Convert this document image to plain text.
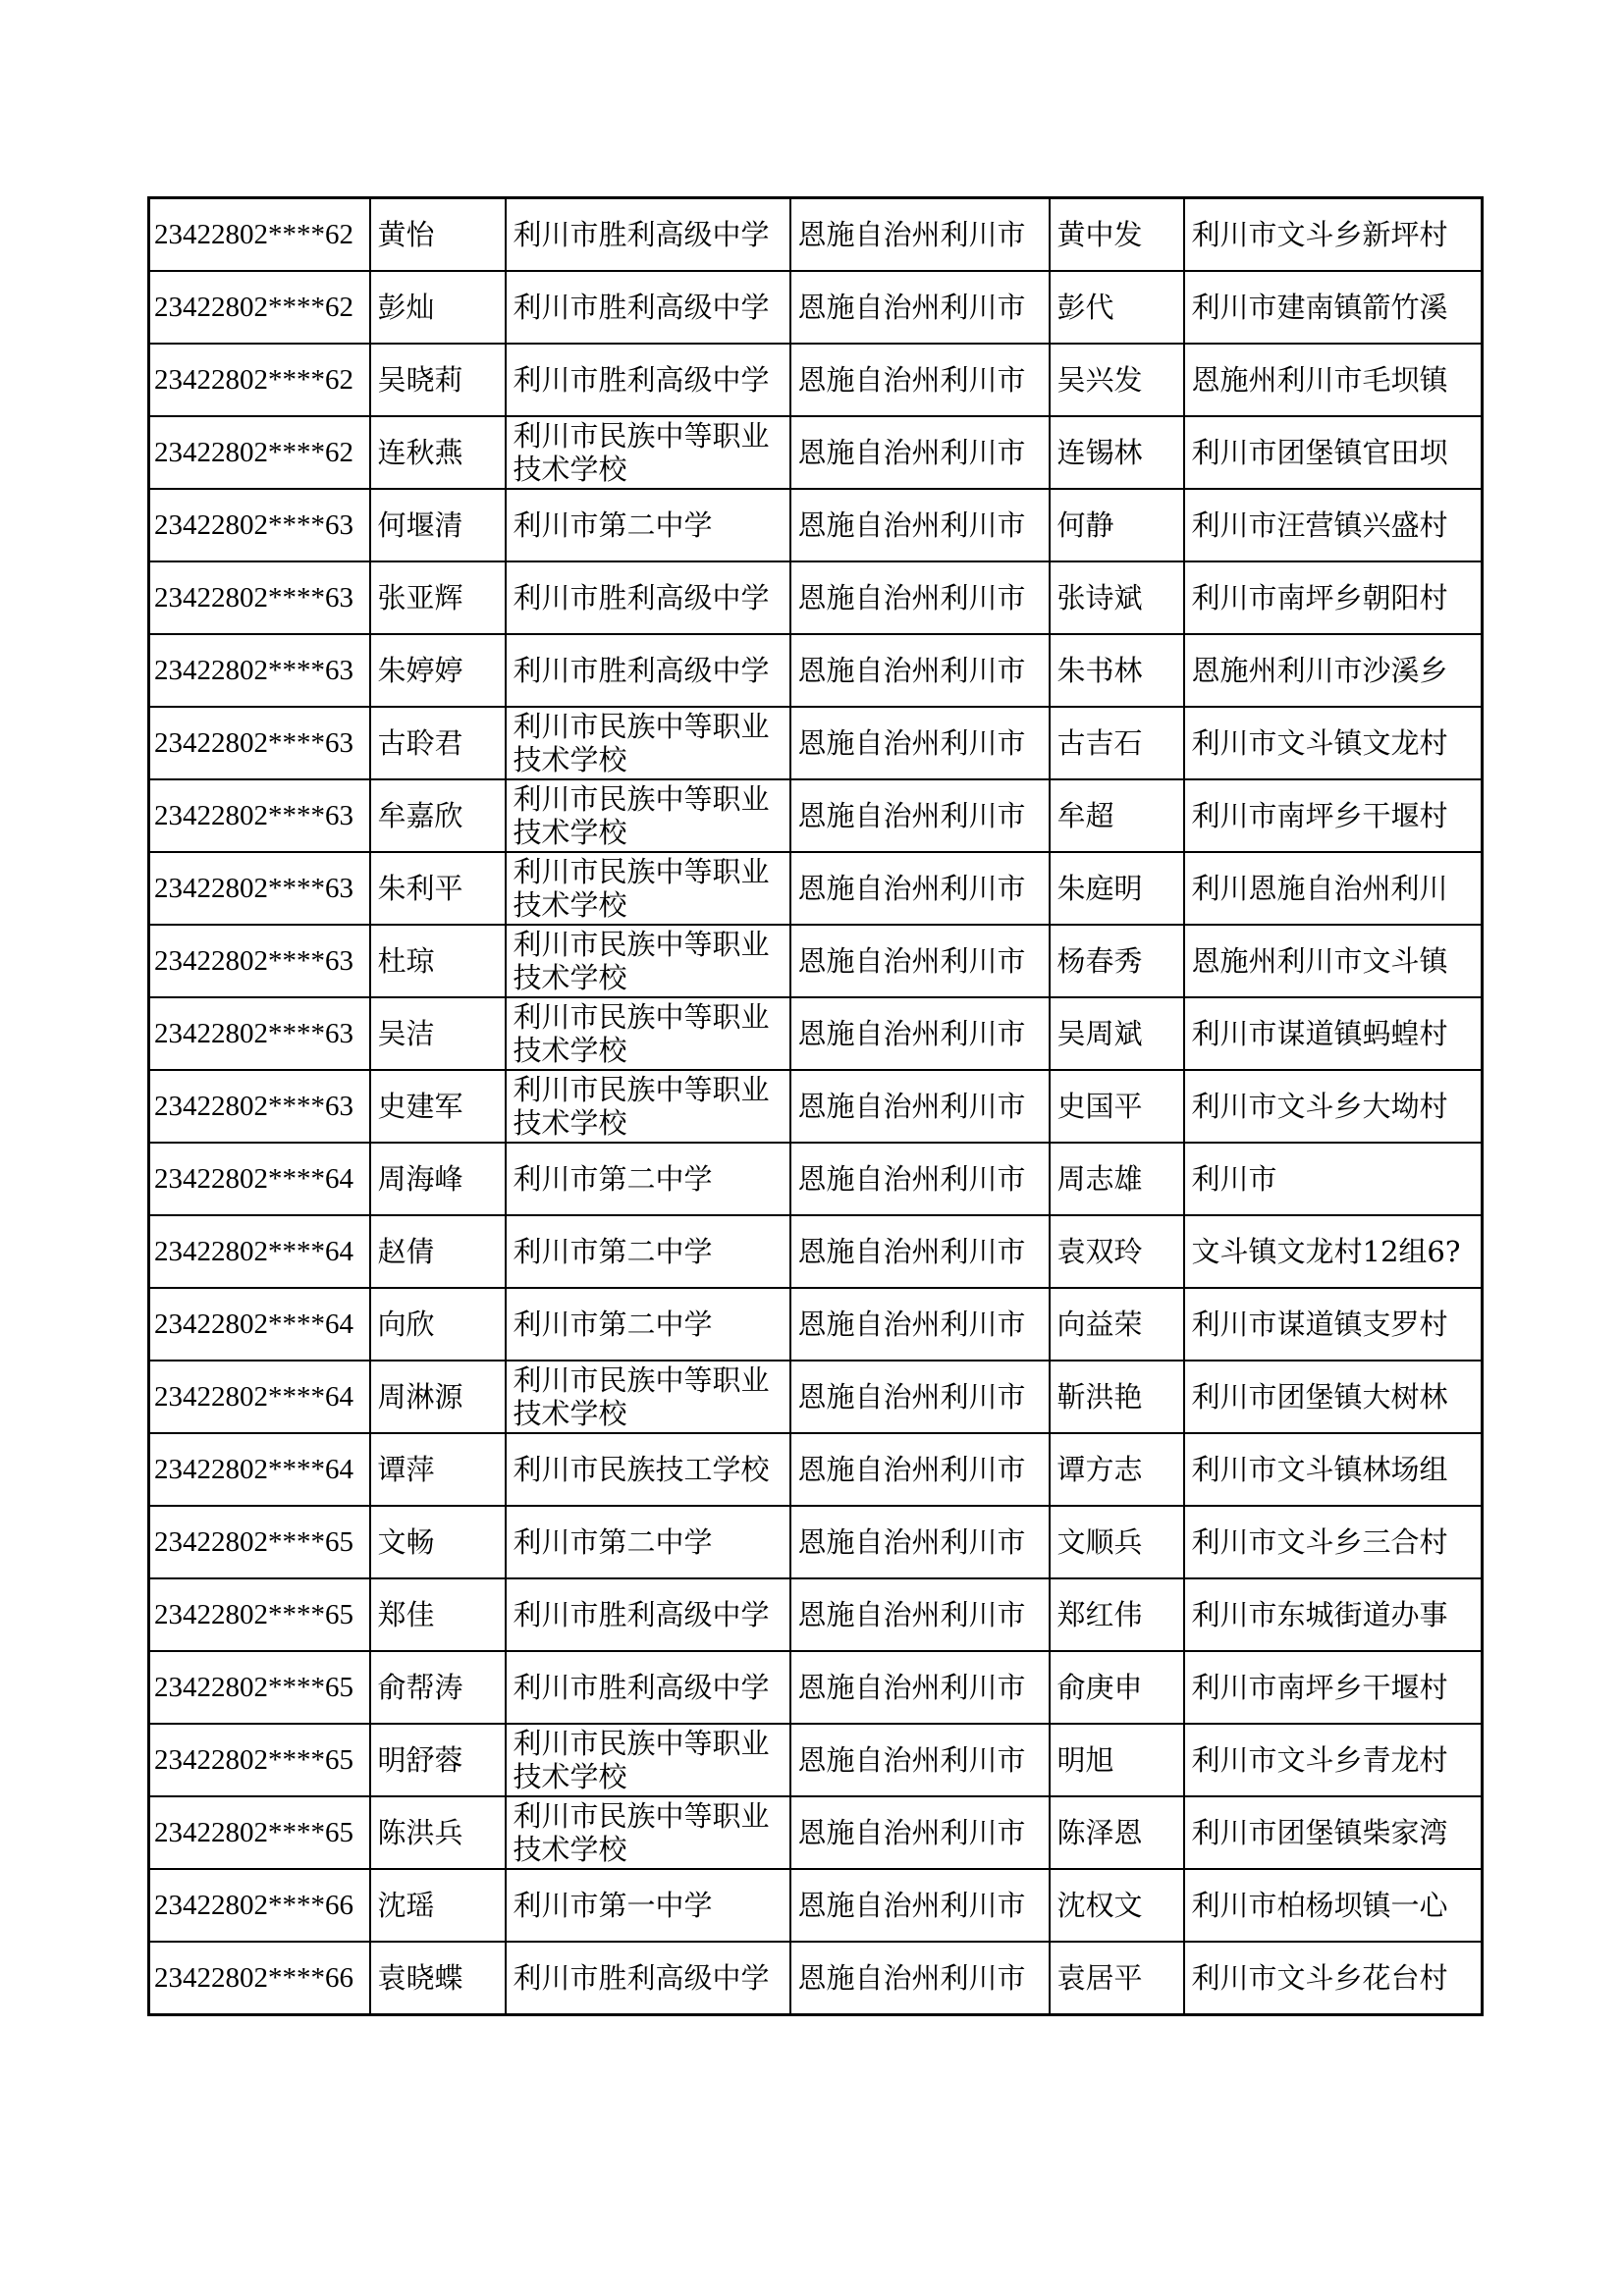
23422802****62	黄怡	利川市胜利高级中学	恩施自治州利川市	黄中发	利川市文斗乡新坪村
23422802****62	彭灿	利川市胜利高级中学	恩施自治州利川市	彭代	利川市建南镇箭竹溪
23422802****62	吴晓莉	利川市胜利高级中学	恩施自治州利川市	吴兴发	恩施州利川市毛坝镇
23422802****62	连秋燕	利川市民族中等职业技术学校	恩施自治州利川市	连锡林	利川市团堡镇官田坝
23422802****63	何堰清	利川市第二中学	恩施自治州利川市	何静	利川市汪营镇兴盛村
23422802****63	张亚辉	利川市胜利高级中学	恩施自治州利川市	张诗斌	利川市南坪乡朝阳村
23422802****63	朱婷婷	利川市胜利高级中学	恩施自治州利川市	朱书林	恩施州利川市沙溪乡
23422802****63	古聆君	利川市民族中等职业技术学校	恩施自治州利川市	古吉石	利川市文斗镇文龙村
23422802****63	牟嘉欣	利川市民族中等职业技术学校	恩施自治州利川市	牟超	利川市南坪乡干堰村
23422802****63	朱利平	利川市民族中等职业技术学校	恩施自治州利川市	朱庭明	利川恩施自治州利川
23422802****63	杜琼	利川市民族中等职业技术学校	恩施自治州利川市	杨春秀	恩施州利川市文斗镇
23422802****63	吴洁	利川市民族中等职业技术学校	恩施自治州利川市	吴周斌	利川市谋道镇蚂蝗村
23422802****63	史建军	利川市民族中等职业技术学校	恩施自治州利川市	史国平	利川市文斗乡大坳村
23422802****64	周海峰	利川市第二中学	恩施自治州利川市	周志雄	利川市
23422802****64	赵倩	利川市第二中学	恩施自治州利川市	袁双玲	文斗镇文龙村12组6?
23422802****64	向欣	利川市第二中学	恩施自治州利川市	向益荣	利川市谋道镇支罗村
23422802****64	周淋源	利川市民族中等职业技术学校	恩施自治州利川市	靳洪艳	利川市团堡镇大树林
23422802****64	谭萍	利川市民族技工学校	恩施自治州利川市	谭方志	利川市文斗镇林场组
23422802****65	文畅	利川市第二中学	恩施自治州利川市	文顺兵	利川市文斗乡三合村
23422802****65	郑佳	利川市胜利高级中学	恩施自治州利川市	郑红伟	利川市东城街道办事
23422802****65	俞帮涛	利川市胜利高级中学	恩施自治州利川市	俞庚申	利川市南坪乡干堰村
23422802****65	明舒蓉	利川市民族中等职业技术学校	恩施自治州利川市	明旭	利川市文斗乡青龙村
23422802****65	陈洪兵	利川市民族中等职业技术学校	恩施自治州利川市	陈泽恩	利川市团堡镇柴家湾
23422802****66	沈瑶	利川市第一中学	恩施自治州利川市	沈权文	利川市柏杨坝镇一心
23422802****66	袁晓蝶	利川市胜利高级中学	恩施自治州利川市	袁居平	利川市文斗乡花台村
